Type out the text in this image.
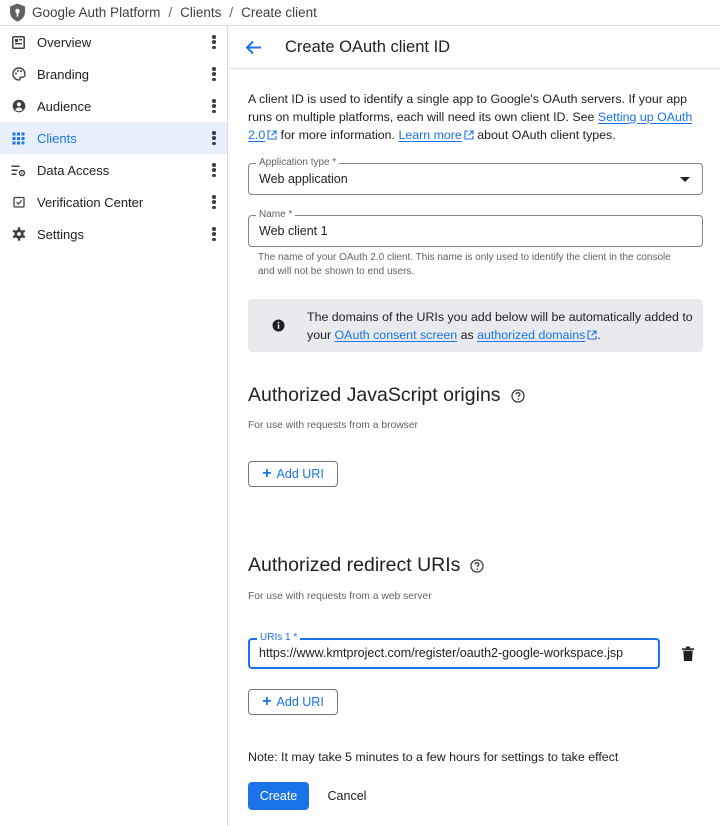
Google Auth Platform / Clients / Create client
Overview
Branding
Audience
Clients
Data Access
Verification Center
Settings
Create OAuth client ID

A client ID is used to identify a single app to Google's OAuth servers. If your app runs on multiple platforms, each will need its own client ID. See Setting up OAuth 2.0 for more information. Learn more about OAuth client types.

Application type *
Web application
Name *
Web client 1

The name of your OAuth 2.0 client. This name is only used to identify the client in the console and will not be shown to end users.

The domains of the URIs you add below will be automatically added to your OAuth consent screen as authorized domains .

Authorized JavaScript origins

For use with requests from a browser

+ Add URI
Authorized redirect URIs

For use with requests from a web server

URIs 1 *
https://www.kmtproject.com/register/oauth2-google-workspace.jsp
+ Add URI

Note: It may take 5 minutes to a few hours for settings to take effect

Create	Cancel
